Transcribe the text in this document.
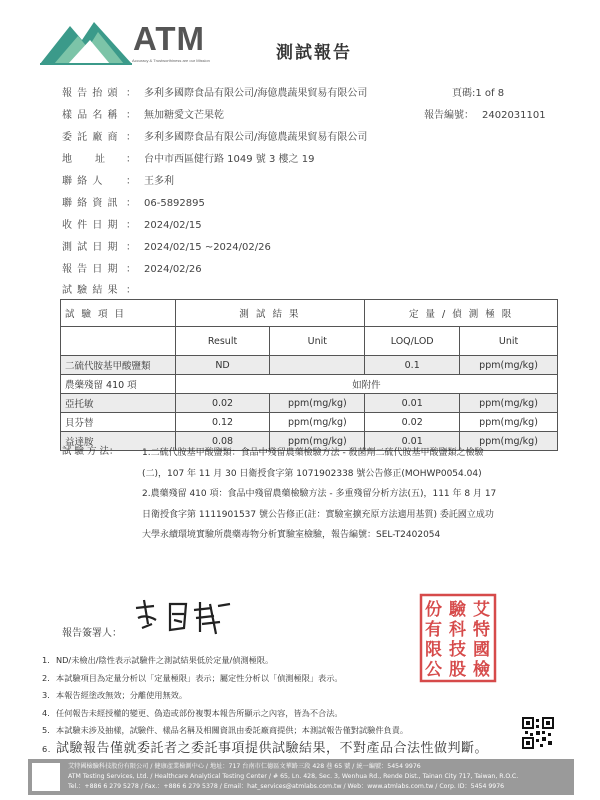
ATM
Accuracy & Trustworthiness are our Mission	測試報告
報 告 抬 頭 ： 多利多國際食品有限公司/海億農蔬果貿易有限公司	頁碼:1 of 8
樣 品 名 稱 ： 無加糖愛文芒果乾	報告編號： 2402031101
委 託 廠 商 ： 多利多國際食品有限公司/海億農蔬果貿易有限公司
地　　址 ： 台中市西區健行路 1049 號 3 樓之 19
聯 絡 人 ： 王多利
聯 絡 資 訊 ： 06-5892895
收 件 日 期 ： 2024/02/15
測 試 日 期 ： 2024/02/15 ~2024/02/26
報 告 日 期 ： 2024/02/26
試 驗 結 果 ：
試 驗 項 目	測 試 結 果		定 量 / 偵 測 極 限	
	Result	Unit	LOQ/LOD	Unit
二硫代胺基甲酸鹽類	ND		0.1	ppm(mg/kg)
農藥殘留 410 項	如附件			
亞托敏	0.02	ppm(mg/kg)	0.01	ppm(mg/kg)
貝芬替	0.12	ppm(mg/kg)	0.02	ppm(mg/kg)
益達胺	0.08	ppm(mg/kg)	0.01	ppm(mg/kg)
試 驗 方 法：	1.二硫代胺基甲酸鹽類：食品中殘留農藥檢驗方法 - 殺菌劑二硫代胺基甲酸鹽類之檢驗
(二)，107 年 11 月 30 日衛授食字第 1071902338 號公告修正(MOHWP0054.04)
2.農藥殘留 410 項：食品中殘留農藥檢驗方法 - 多重殘留分析方法(五)，111 年 8 月 17
日衛授食字第 1111901537 號公告修正(註：實驗室擴充原方法適用基質) 委託國立成功
大學永續環境實驗所農藥毒物分析實驗室檢驗，報告編號：SEL-T2402054
報告簽署人：
艾
特
國
檢
驗
科
技
股
份
有
限
公
1. ND/未檢出/陰性表示試驗件之測試結果低於定量/偵測極限。
2. 本試驗項目為定量分析以「定量極限」表示；屬定性分析以「偵測極限」表示。
3. 本報告經塗改無效；分離使用無效。
4. 任何報告未經授權的變更、偽造或部份複製本報告所顯示之內容，皆為不合法。
5. 本試驗未涉及抽樣，試驗件、樣品名稱及相關資訊由委託廠商提供；本測試報告僅對試驗件負責。
6. 試驗報告僅就委託者之委託事項提供試驗結果，不對產品合法性做判斷。
艾特國檢驗科技股份有限公司 / 健康產業檢測中心 / 地址：717 台南市仁德區文華路三段 428 巷 65 號 / 統一編號：5454 9976
ATM Testing Services, Ltd. / Healthcare Analytical Testing Center / # 65, Ln. 428, Sec. 3, Wenhua Rd., Rende Dist., Tainan City 717, Taiwan, R.O.C.
Tel.：+886 6 279 5278 / Fax.：+886 6 279 5378 / Email：hat_services@atmlabs.com.tw / Web：www.atmlabs.com.tw / Corp. ID：5454 9976
